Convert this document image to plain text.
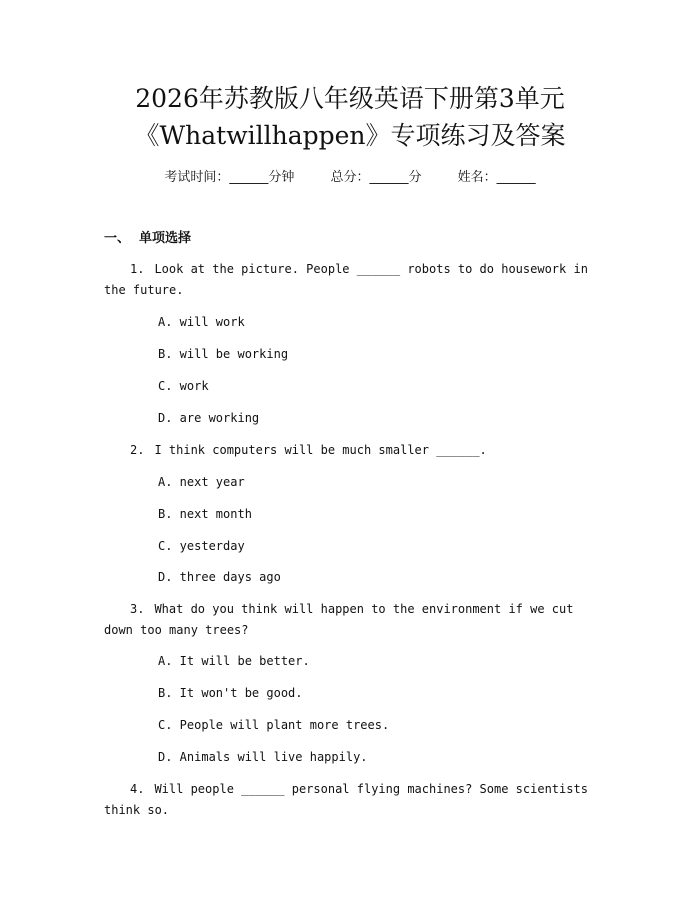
2026年苏教版八年级英语下册第3单元
《Whatwillhappen》专项练习及答案
考试时间：______分钟	总分：______分	姓名：______
一、  单项选择
1. Look at the picture. People ______ robots to do housework in the future.
A. will work
B. will be working
C. work
D. are working
2. I think computers will be much smaller ______.
A. next year
B. next month
C. yesterday
D. three days ago
3. What do you think will happen to the environment if we cut down too many trees?
A. It will be better.
B. It won't be good.
C. People will plant more trees.
D. Animals will live happily.
4. Will people ______ personal flying machines? Some scientists think so.
